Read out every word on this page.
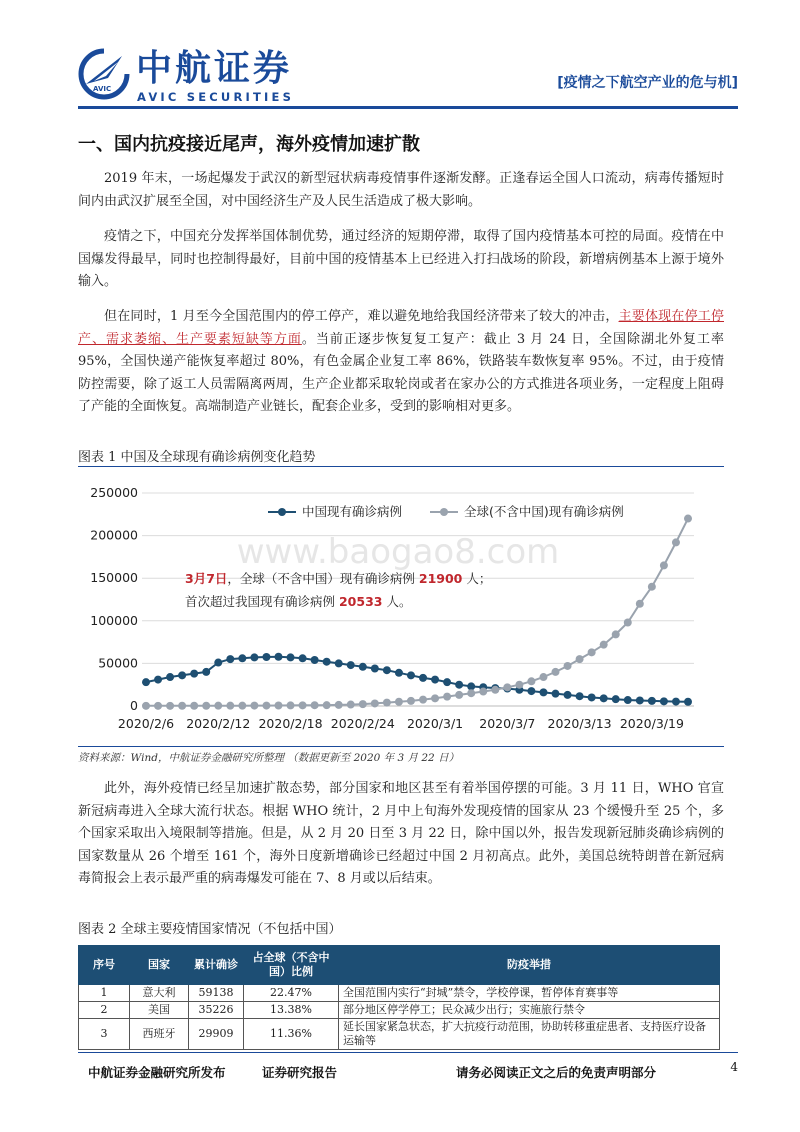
AVIC 中航证券
AVIC SECURITIES
[疫情之下航空产业的危与机]
一、国内抗疫接近尾声，海外疫情加速扩散
2019 年末，一场起爆发于武汉的新型冠状病毒疫情事件逐渐发酵。正逢春运全国人口流动，病毒传播短时间内由武汉扩展至全国，对中国经济生产及人民生活造成了极大影响。
疫情之下，中国充分发挥举国体制优势，通过经济的短期停滞，取得了国内疫情基本可控的局面。疫情在中国爆发得最早，同时也控制得最好，目前中国的疫情基本上已经进入打扫战场的阶段，新增病例基本上源于境外输入。
但在同时，1 月至今全国范围内的停工停产，难以避免地给我国经济带来了较大的冲击，主要体现在停工停产、需求萎缩、生产要素短缺等方面。当前正逐步恢复复工复产：截止 3 月 24 日，全国除湖北外复工率 95%，全国快递产能恢复率超过 80%，有色金属企业复工率 86%，铁路装车数恢复率 95%。不过，由于疫情防控需要，除了返工人员需隔离两周，生产企业都采取轮岗或者在家办公的方式推进各项业务，一定程度上阻碍了产能的全面恢复。高端制造产业链长，配套企业多，受到的影响相对更多。
图表 1 中国及全球现有确诊病例变化趋势
0
50000
100000
150000
200000
250000
2020/2/6 2020/2/12 2020/2/18 2020/2/24 2020/3/1 2020/3/7 2020/3/13 2020/3/19
www.baogao8.com
中国现有确诊病例	全球(不含中国)现有确诊病例
3月7日，全球（不含中国）现有确诊病例 21900 人；
首次超过我国现有确诊病例 20533 人。
资料来源：Wind，中航证券金融研究所整理 （数据更新至 2020 年 3 月 22 日）
此外，海外疫情已经呈加速扩散态势，部分国家和地区甚至有着举国停摆的可能。3 月 11 日，WHO 官宣新冠病毒进入全球大流行状态。根据 WHO 统计，2 月中上旬海外发现疫情的国家从 23 个缓慢升至 25 个，多个国家采取出入境限制等措施。但是，从 2 月 20 日至 3 月 22 日，除中国以外，报告发现新冠肺炎确诊病例的国家数量从 26 个增至 161 个，海外日度新增确诊已经超过中国 2 月初高点。此外，美国总统特朗普在新冠病毒简报会上表示最严重的病毒爆发可能在 7、8 月或以后结束。
图表 2 全球主要疫情国家情况（不包括中国）
序号	国家	累计确诊	占全球（不含中国）比例	防疫举措
1	意大利	59138	22.47%	全国范围内实行“封城”禁令，学校停课，暂停体育赛事等
2	美国	35226	13.38%	部分地区停学停工；民众减少出行；实施旅行禁令
3	西班牙	29909	11.36%	延长国家紧急状态，扩大抗疫行动范围，协助转移重症患者、支持医疗设备运输等
中航证券金融研究所发布	证券研究报告	请务必阅读正文之后的免责声明部分	4
